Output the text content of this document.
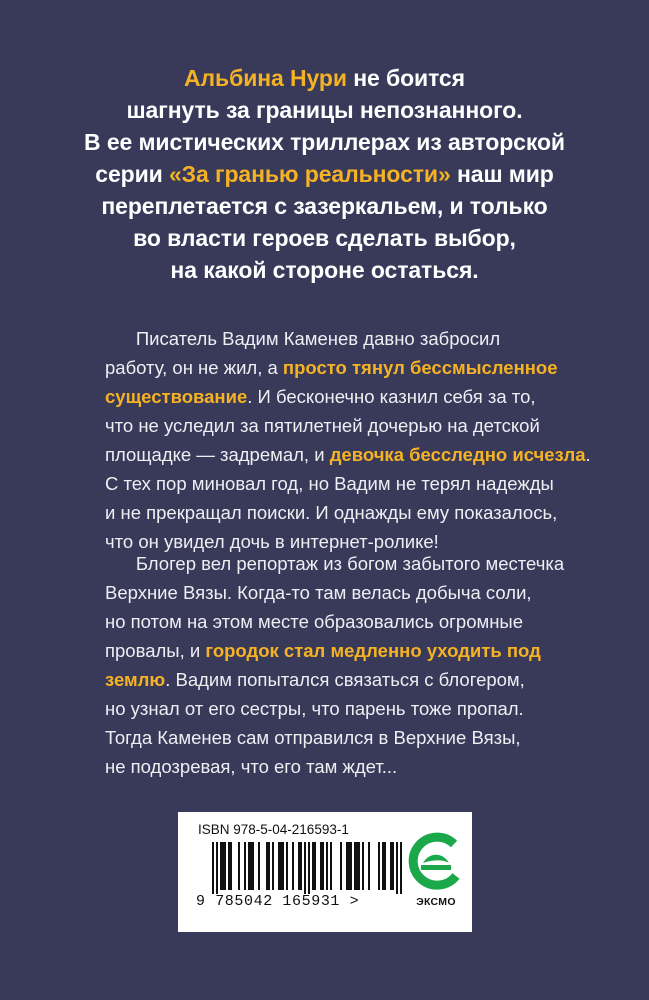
Альбина Нури не боится
шагнуть за границы непознанного.
В ее мистических триллерах из авторской
серии «За гранью реальности» наш мир
переплетается с зазеркальем, и только
во власти героев сделать выбор,
на какой стороне остаться.
Писатель Вадим Каменев давно забросил
работу, он не жил, а просто тянул бессмысленное
существование. И бесконечно казнил себя за то,
что не уследил за пятилетней дочерью на детской
площадке — задремал, и девочка бесследно исчезла.
С тех пор миновал год, но Вадим не терял надежды
и не прекращал поиски. И однажды ему показалось,
что он увидел дочь в интернет-ролике!
Блогер вел репортаж из богом забытого местечка
Верхние Вязы. Когда-то там велась добыча соли,
но потом на этом месте образовались огромные
провалы, и городок стал медленно уходить под
землю. Вадим попытался связаться с блогером,
но узнал от его сестры, что парень тоже пропал.
Тогда Каменев сам отправился в Верхние Вязы,
не подозревая, что его там ждет...
ISBN 978-5-04-216593-1
9 785042 165931 >	ЭКСМО
